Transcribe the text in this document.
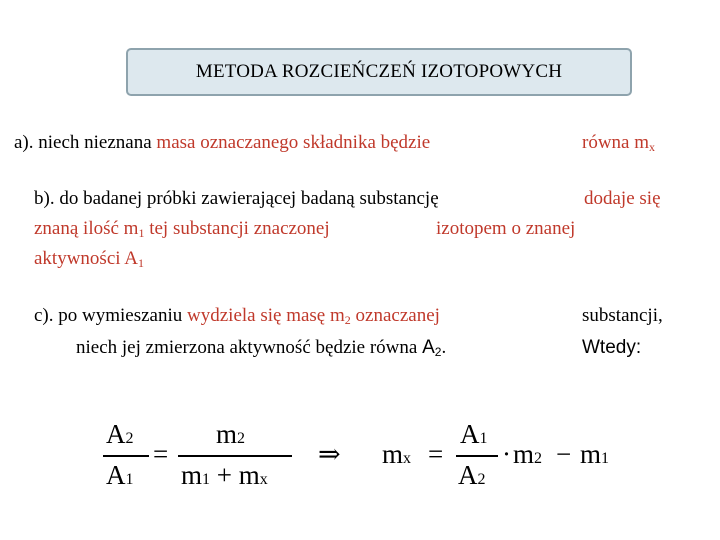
METODA ROZCIEŃCZEŃ IZOTOPOWYCH
a). niech nieznana masa oznaczanego składnika będzie	równa $m_x$
b). do badanej próbki zawierającej badaną substancję	dodaje się
znaną ilość $m_1$ tej substancji znaczonej	izotopem o znanej
aktywności $A_1$
c). po wymieszaniu wydziela się masę $m_2$ oznaczanej	substancji,
niech jej zmierzona aktywność będzie równa $A_2$.	Wtedy:
A2
A1
=
m2
m1 + mx
⇒ mx =
A1
A2
· m2 − m1
